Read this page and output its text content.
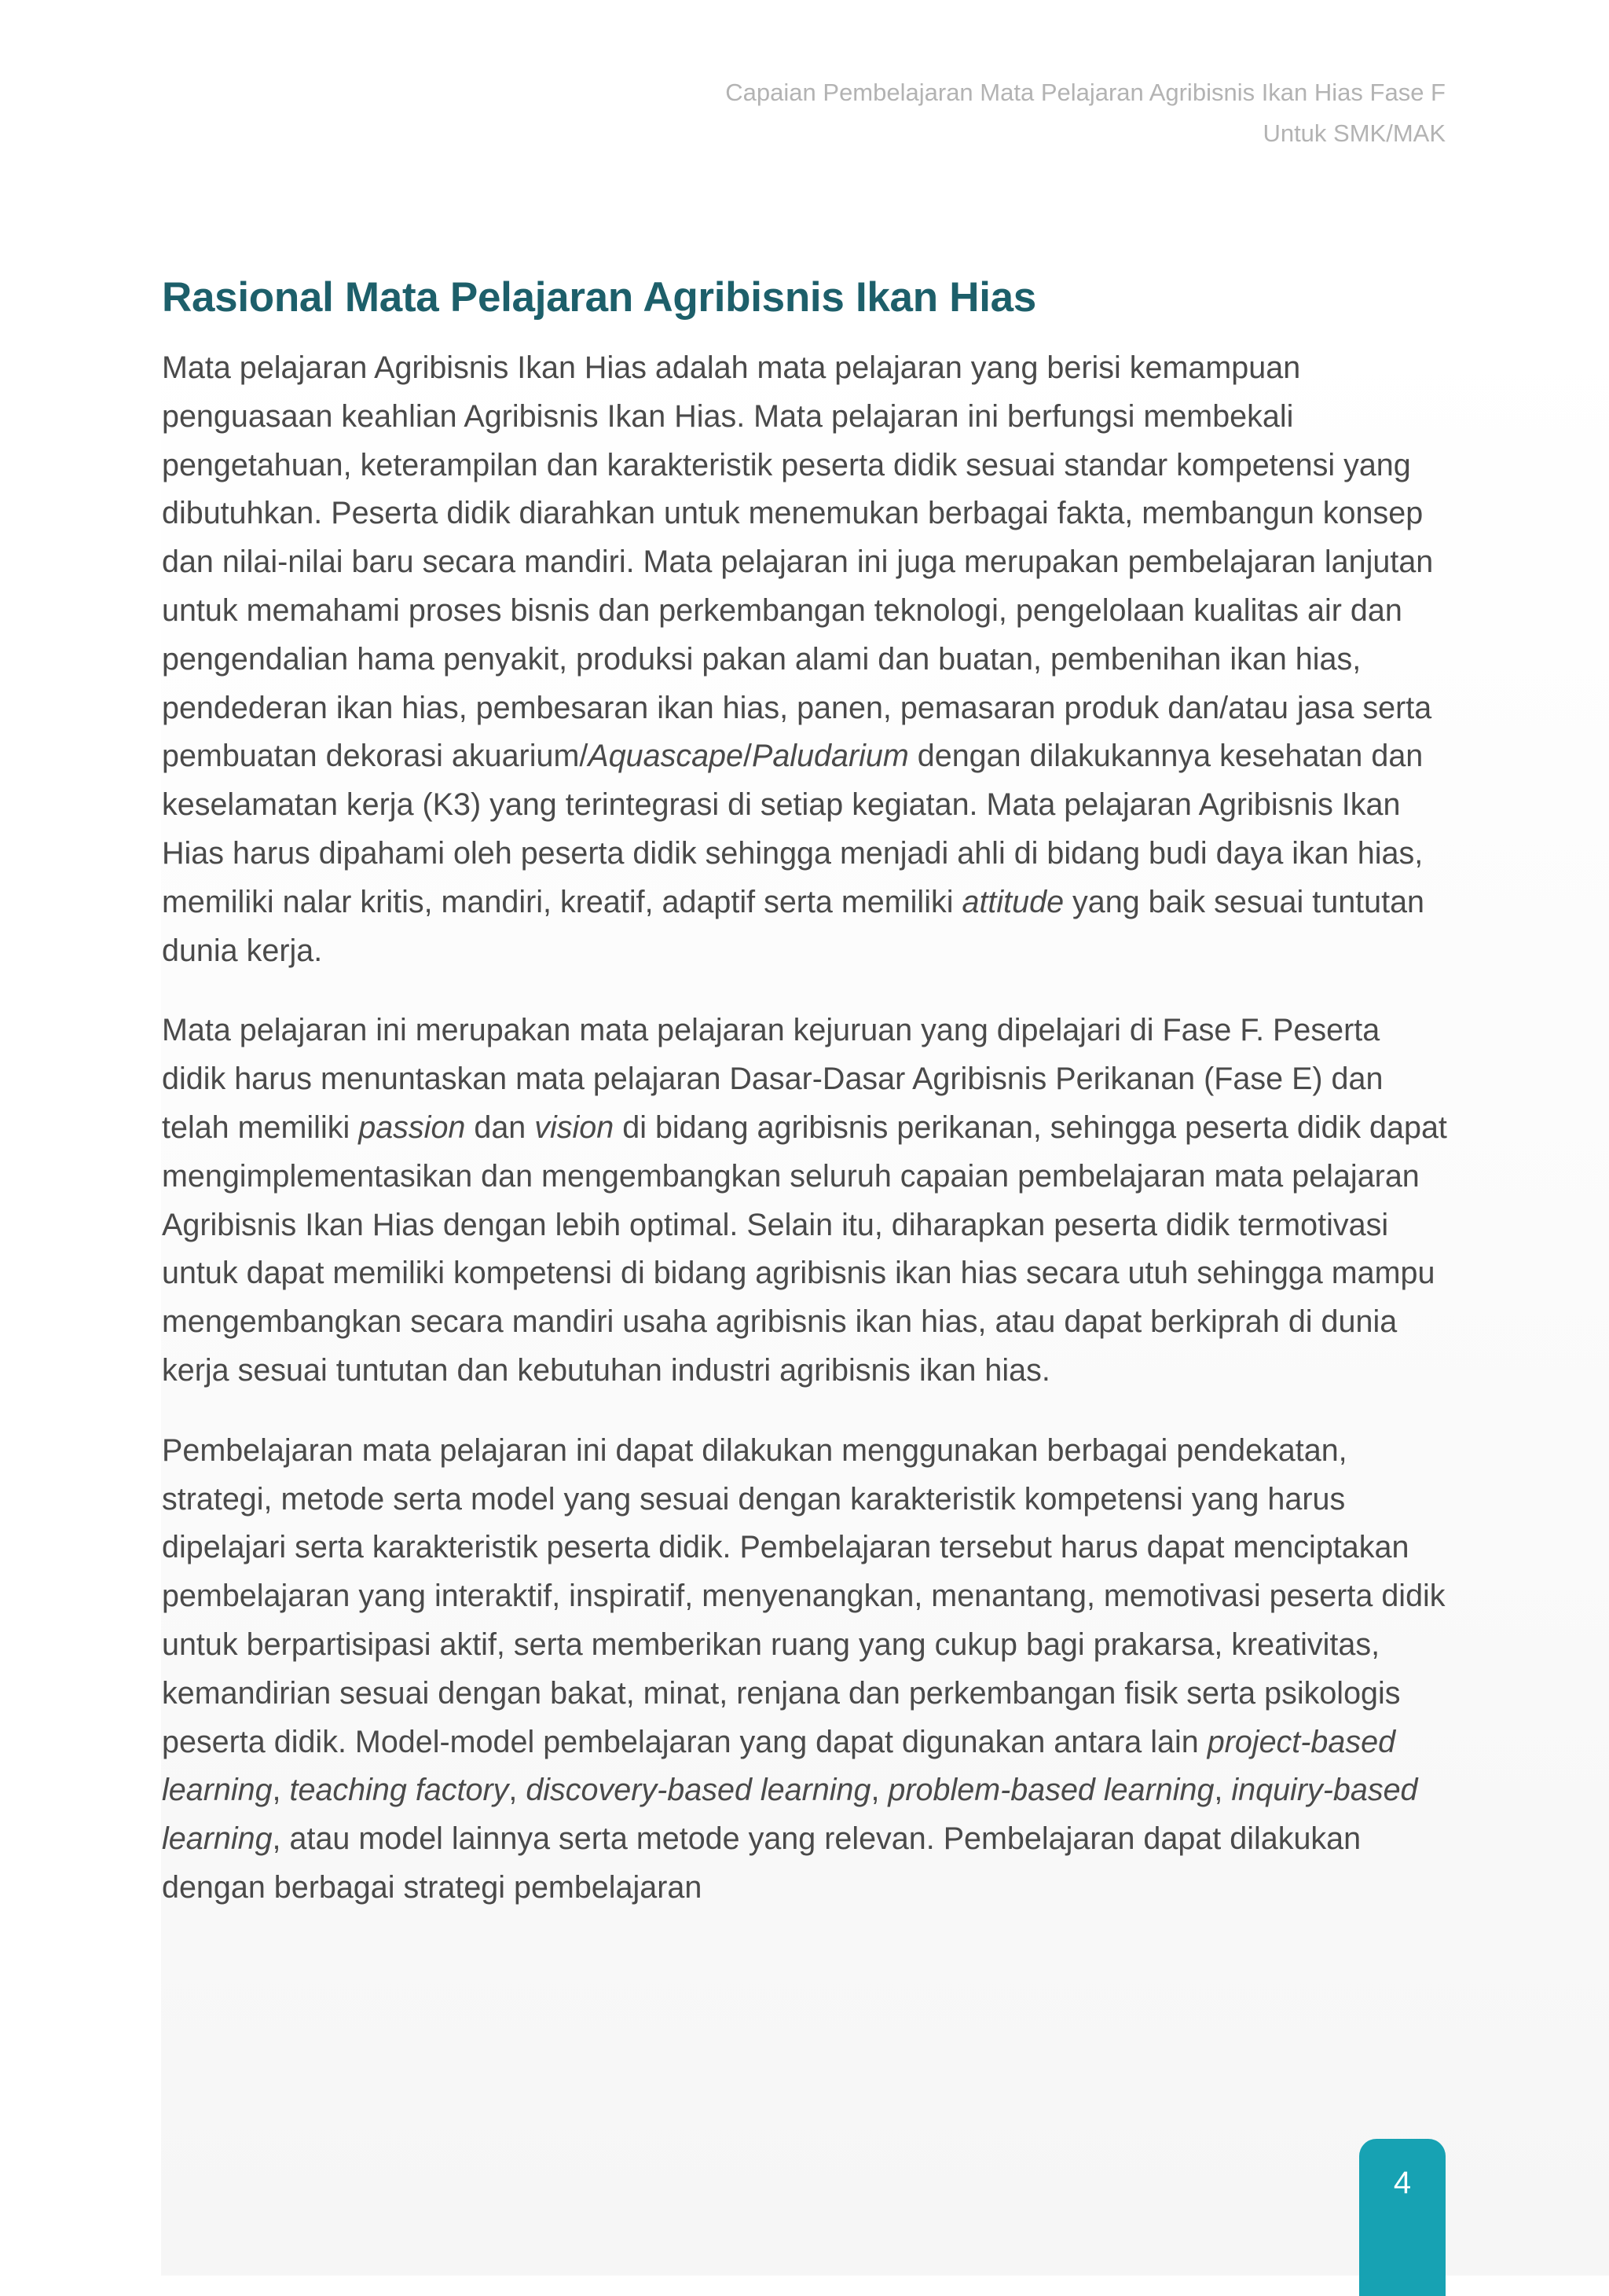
Capaian Pembelajaran Mata Pelajaran Agribisnis Ikan Hias Fase F
Untuk SMK/MAK
Rasional Mata Pelajaran Agribisnis Ikan Hias

Mata pelajaran Agribisnis Ikan Hias adalah mata pelajaran yang berisi kemampuan penguasaan keahlian Agribisnis Ikan Hias. Mata pelajaran ini berfungsi membekali pengetahuan, keterampilan dan karakteristik peserta didik sesuai standar kompetensi yang dibutuhkan. Peserta didik diarahkan untuk menemukan berbagai fakta, membangun konsep dan nilai-nilai baru secara mandiri. Mata pelajaran ini juga merupakan pembelajaran lanjutan untuk memahami proses bisnis dan perkembangan teknologi, pengelolaan kualitas air dan pengendalian hama penyakit, produksi pakan alami dan buatan, pembenihan ikan hias, pendederan ikan hias, pembesaran ikan hias, panen, pemasaran produk dan/atau jasa serta pembuatan dekorasi akuarium/Aquascape/Paludarium dengan dilakukannya kesehatan dan keselamatan kerja (K3) yang terintegrasi di setiap kegiatan. Mata pelajaran Agribisnis Ikan Hias harus dipahami oleh peserta didik sehingga menjadi ahli di bidang budi daya ikan hias, memiliki nalar kritis, mandiri, kreatif, adaptif serta memiliki attitude yang baik sesuai tuntutan dunia kerja.

Mata pelajaran ini merupakan mata pelajaran kejuruan yang dipelajari di Fase F. Peserta didik harus menuntaskan mata pelajaran Dasar-Dasar Agribisnis Perikanan (Fase E) dan telah memiliki passion dan vision di bidang agribisnis perikanan, sehingga peserta didik dapat mengimplementasikan dan mengembangkan seluruh capaian pembelajaran mata pelajaran Agribisnis Ikan Hias dengan lebih optimal. Selain itu, diharapkan peserta didik termotivasi untuk dapat memiliki kompetensi di bidang agribisnis ikan hias secara utuh sehingga mampu mengembangkan secara mandiri usaha agribisnis ikan hias, atau dapat berkiprah di dunia kerja sesuai tuntutan dan kebutuhan industri agribisnis ikan hias.

Pembelajaran mata pelajaran ini dapat dilakukan menggunakan berbagai pendekatan, strategi, metode serta model yang sesuai dengan karakteristik kompetensi yang harus dipelajari serta karakteristik peserta didik. Pembelajaran tersebut harus dapat menciptakan pembelajaran yang interaktif, inspiratif, menyenangkan, menantang, memotivasi peserta didik untuk berpartisipasi aktif, serta memberikan ruang yang cukup bagi prakarsa, kreativitas, kemandirian sesuai dengan bakat, minat, renjana dan perkembangan fisik serta psikologis peserta didik. Model-model pembelajaran yang dapat digunakan antara lain project-based learning, teaching factory, discovery-based learning, problem-based learning, inquiry-based learning, atau model lainnya serta metode yang relevan. Pembelajaran dapat dilakukan dengan berbagai strategi pembelajaran

4
